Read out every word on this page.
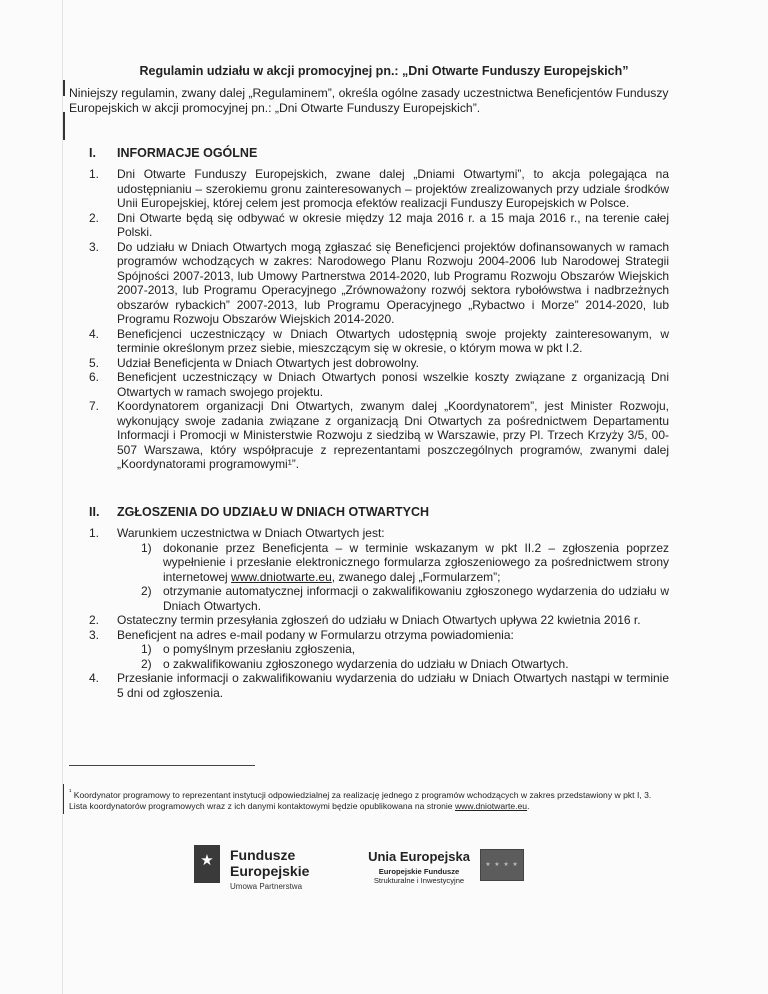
Regulamin udziału w akcji promocyjnej pn.: „Dni Otwarte Funduszy Europejskich”
Niniejszy regulamin, zwany dalej „Regulaminem”, określa ogólne zasady uczestnictwa Beneficjentów Funduszy Europejskich w akcji promocyjnej pn.: „Dni Otwarte Funduszy Europejskich”.
I. INFORMACJE OGÓLNE
1. Dni Otwarte Funduszy Europejskich, zwane dalej „Dniami Otwartymi”, to akcja polegająca na udostępnianiu – szerokiemu gronu zainteresowanych – projektów zrealizowanych przy udziale środków Unii Europejskiej, której celem jest promocja efektów realizacji Funduszy Europejskich w Polsce.
2. Dni Otwarte będą się odbywać w okresie między 12 maja 2016 r. a 15 maja 2016 r., na terenie całej Polski.
3. Do udziału w Dniach Otwartych mogą zgłaszać się Beneficjenci projektów dofinansowanych w ramach programów wchodzących w zakres: Narodowego Planu Rozwoju 2004-2006 lub Narodowej Strategii Spójności 2007-2013, lub Umowy Partnerstwa 2014-2020, lub Programu Rozwoju Obszarów Wiejskich 2007-2013, lub Programu Operacyjnego „Zrównoważony rozwój sektora rybołówstwa i nadbrzeżnych obszarów rybackich” 2007-2013, lub Programu Operacyjnego „Rybactwo i Morze” 2014-2020, lub Programu Rozwoju Obszarów Wiejskich 2014-2020.
4. Beneficjenci uczestniczący w Dniach Otwartych udostępnią swoje projekty zainteresowanym, w terminie określonym przez siebie, mieszczącym się w okresie, o którym mowa w pkt I.2.
5. Udział Beneficjenta w Dniach Otwartych jest dobrowolny.
6. Beneficjent uczestniczący w Dniach Otwartych ponosi wszelkie koszty związane z organizacją Dni Otwartych w ramach swojego projektu.
7. Koordynatorem organizacji Dni Otwartych, zwanym dalej „Koordynatorem”, jest Minister Rozwoju, wykonujący swoje zadania związane z organizacją Dni Otwartych za pośrednictwem Departamentu Informacji i Promocji w Ministerstwie Rozwoju z siedzibą w Warszawie, przy Pl. Trzech Krzyży 3/5, 00-507 Warszawa, który współpracuje z reprezentantami poszczególnych programów, zwanymi dalej „Koordynatorami programowymi¹”.
II. ZGŁOSZENIA DO UDZIAŁU W DNIACH OTWARTYCH
1. Warunkiem uczestnictwa w Dniach Otwartych jest:
1) dokonanie przez Beneficjenta – w terminie wskazanym w pkt II.2 – zgłoszenia poprzez wypełnienie i przesłanie elektronicznego formularza zgłoszeniowego za pośrednictwem strony internetowej www.dniotwarte.eu, zwanego dalej „Formularzem”;
2) otrzymanie automatycznej informacji o zakwalifikowaniu zgłoszonego wydarzenia do udziału w Dniach Otwartych.
2. Ostateczny termin przesyłania zgłoszeń do udziału w Dniach Otwartych upływa 22 kwietnia 2016 r.
3. Beneficjent na adres e-mail podany w Formularzu otrzyma powiadomienia:
1) o pomyślnym przesłaniu zgłoszenia,
2) o zakwalifikowaniu zgłoszonego wydarzenia do udziału w Dniach Otwartych.
4. Przesłanie informacji o zakwalifikowaniu wydarzenia do udziału w Dniach Otwartych nastąpi w terminie 5 dni od zgłoszenia.
$^{^1}$ Koordynator programowy to reprezentant instytucji odpowiedzialnej za realizację jednego z programów wchodzących w zakres przedstawiony w pkt I, 3. Lista koordynatorów programowych wraz z ich danymi kontaktowymi będzie opublikowana na stronie www.dniotwarte.eu.
★	Fundusze
Europejskie
Umowa Partnerstwa
Unia Europejska
Europejskie Fundusze
Strukturalne i Inwestycyjne
★ ★ ★ ★
